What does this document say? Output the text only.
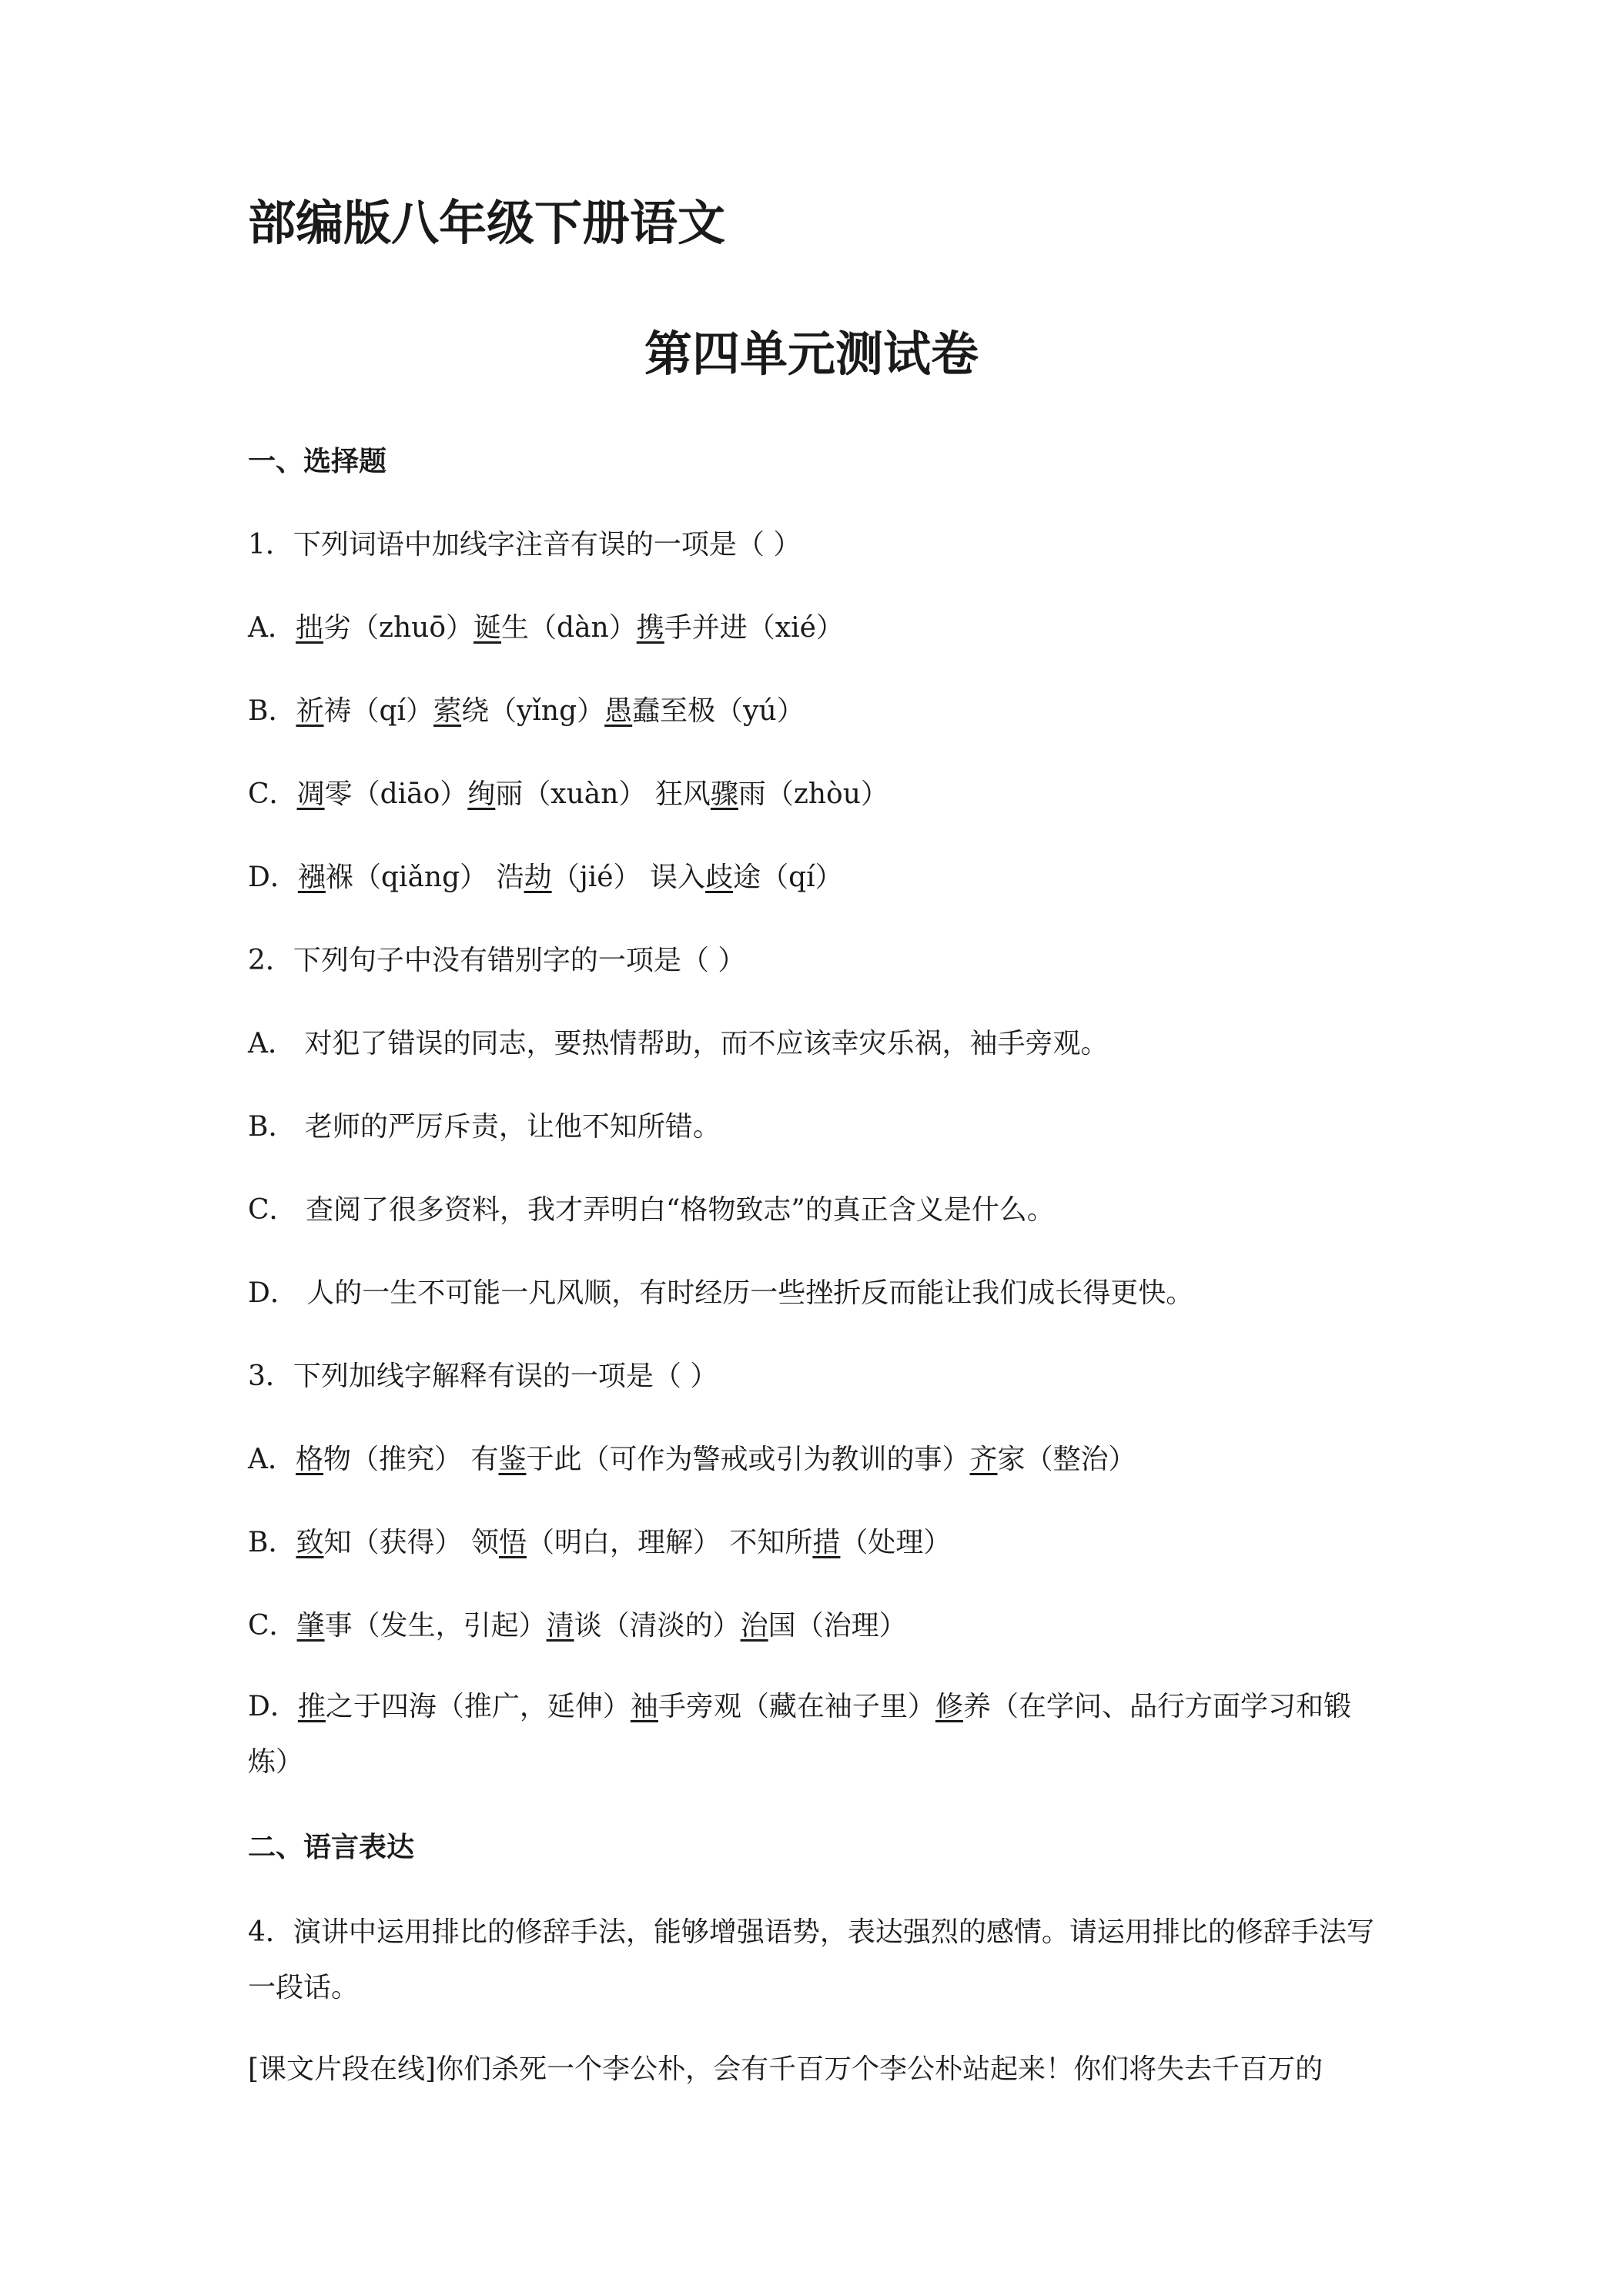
部编版八年级下册语文
第四单元测试卷
一、选择题
1．下列词语中加线字注音有误的一项是（ ）
A．拙劣（zhuō）诞生（dàn）携手并进（xié）
B．祈祷（qí）萦绕（yǐng）愚蠢至极（yú）
C．凋零（diāo）绚丽（xuàn） 狂风骤雨（zhòu）
D．襁褓（qiǎng） 浩劫（jié） 误入歧途（qí）
2．下列句子中没有错别字的一项是（ ）
A． 对犯了错误的同志，要热情帮助，而不应该幸灾乐祸，袖手旁观。
B． 老师的严厉斥责，让他不知所错。
C． 查阅了很多资料，我才弄明白“格物致志”的真正含义是什么。
D． 人的一生不可能一凡风顺，有时经历一些挫折反而能让我们成长得更快。
3．下列加线字解释有误的一项是（ ）
A．格物（推究） 有鉴于此（可作为警戒或引为教训的事）齐家（整治）
B．致知（获得） 领悟（明白，理解） 不知所措（处理）
C．肇事（发生，引起）清谈（清淡的）治国（治理）
D．推之于四海（推广，延伸）袖手旁观（藏在袖子里）修养（在学问、品行方面学习和锻炼）
二、语言表达
4．演讲中运用排比的修辞手法，能够增强语势，表达强烈的感情。请运用排比的修辞手法写一段话。
[课文片段在线]你们杀死一个李公朴，会有千百万个李公朴站起来！你们将失去千百万的
